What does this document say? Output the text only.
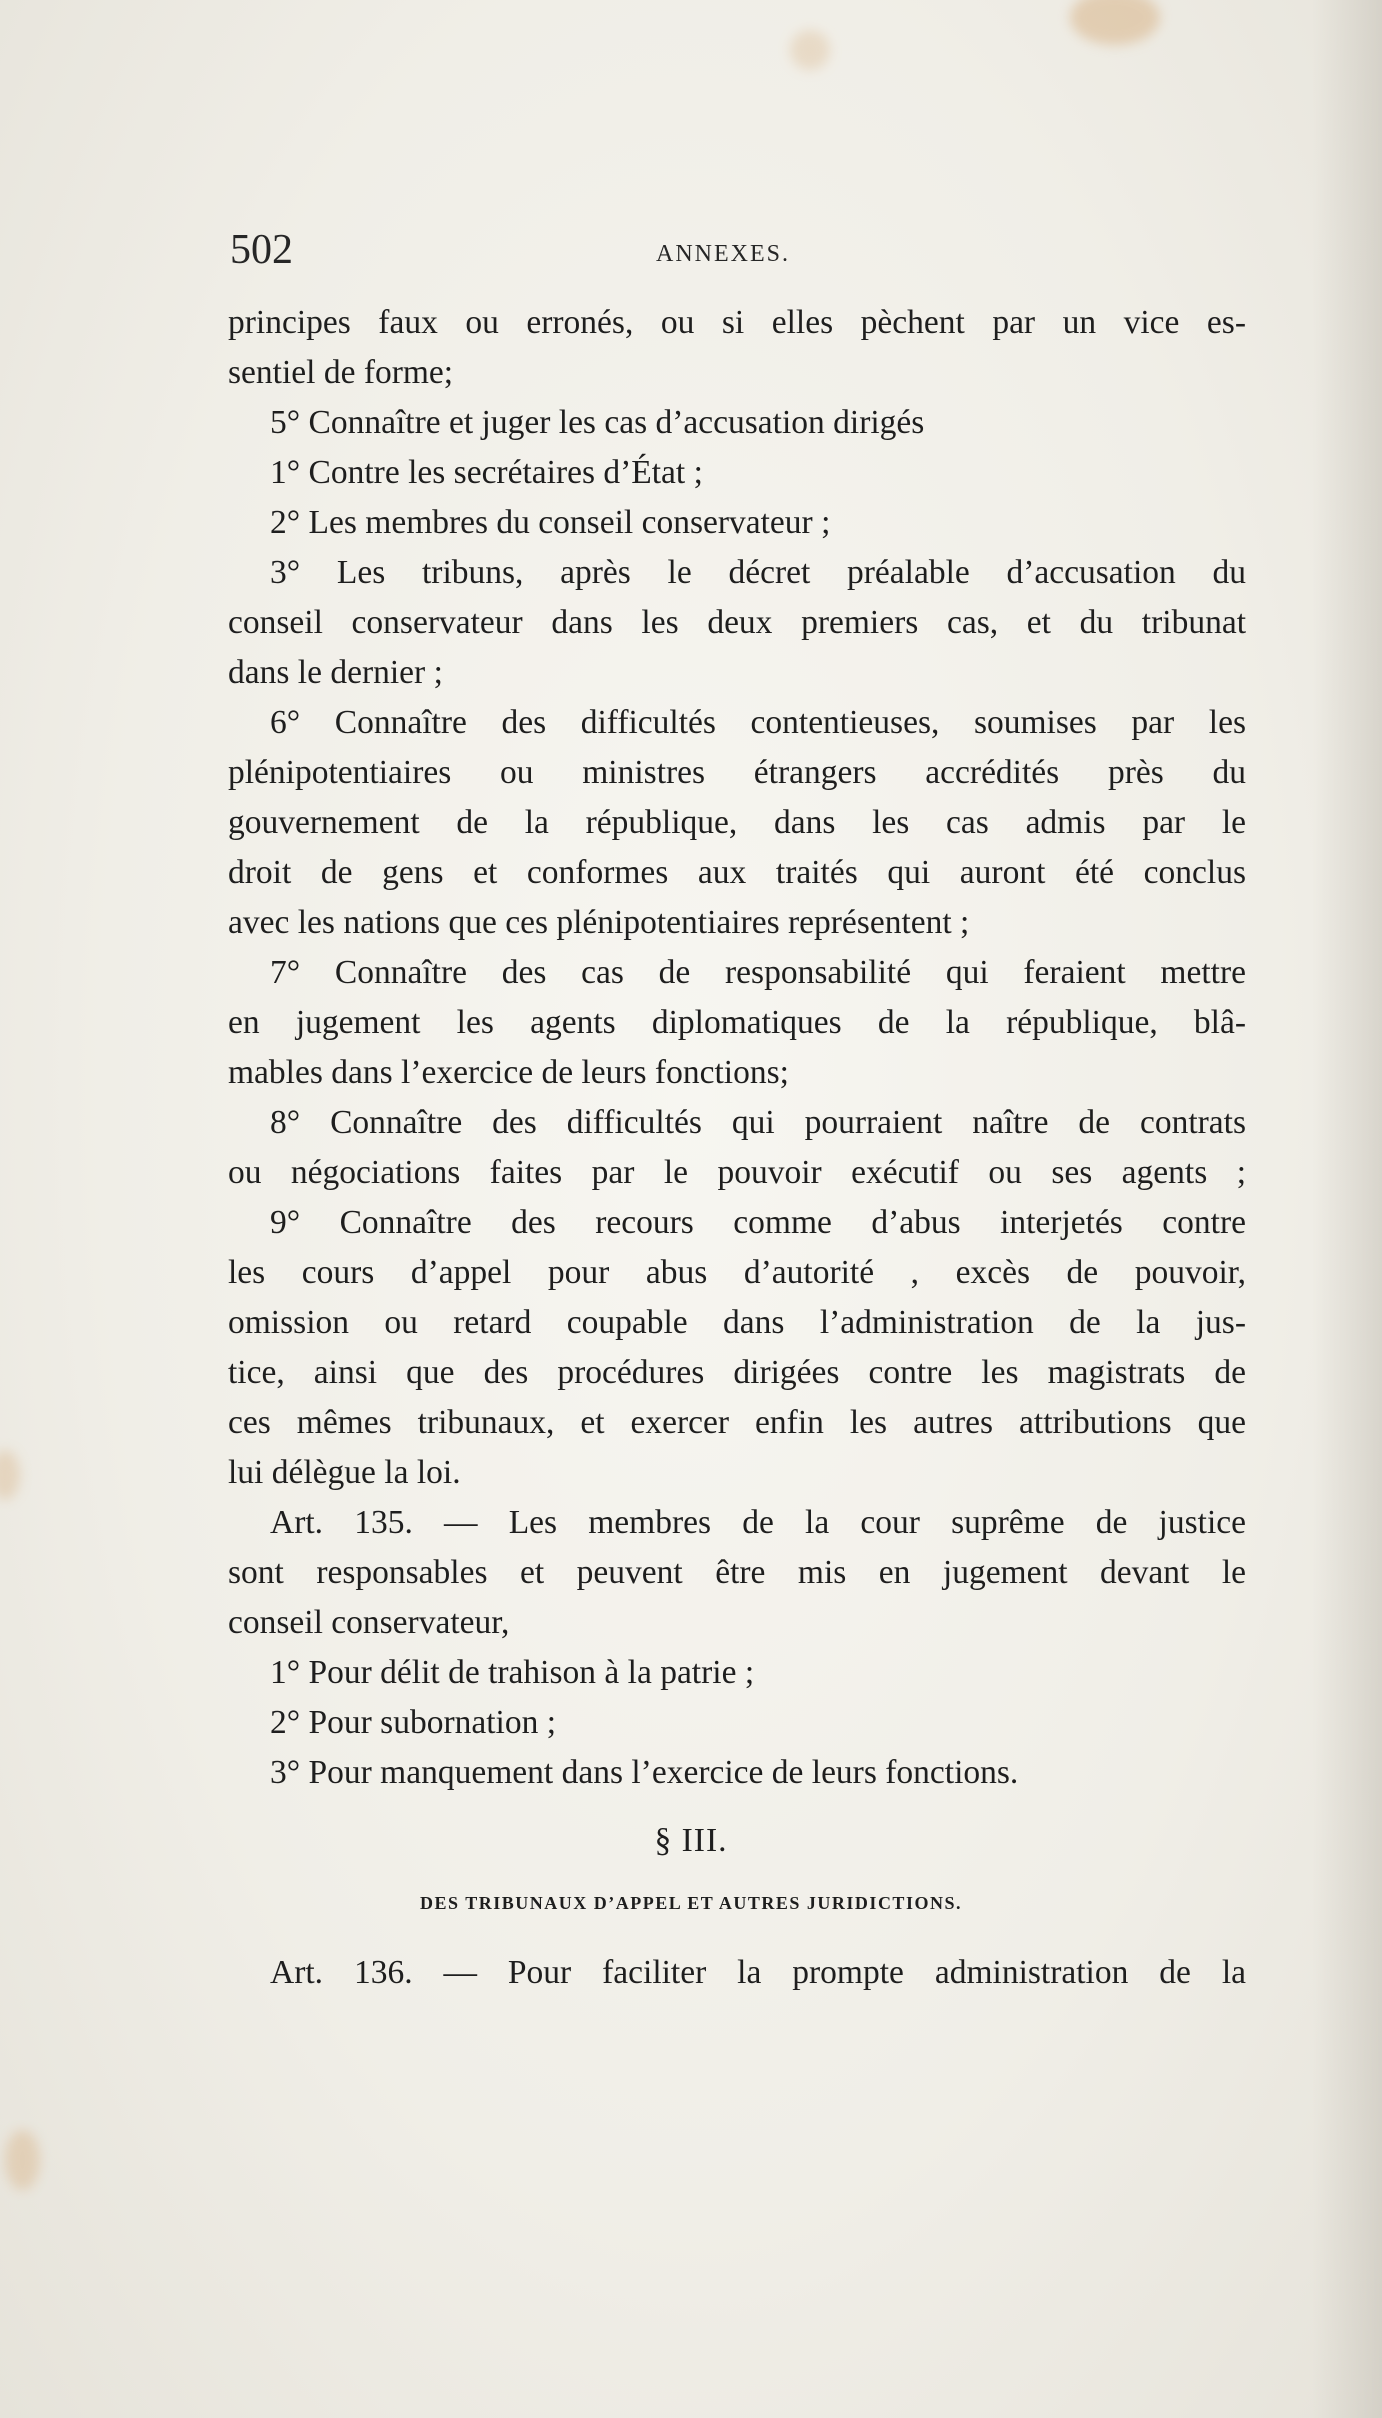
502	ANNEXES.
principes faux ou erronés, ou si elles pèchent par un vice es-
sentiel de forme;
5° Connaître et juger les cas d’accusation dirigés
1° Contre les secrétaires d’État ;
2° Les membres du conseil conservateur ;
3° Les tribuns, après le décret préalable d’accusation du
conseil conservateur dans les deux premiers cas, et du tribunat
dans le dernier ;
6° Connaître des difficultés contentieuses, soumises par les
plénipotentiaires ou ministres étrangers accrédités près du
gouvernement de la république, dans les cas admis par le
droit de gens et conformes aux traités qui auront été conclus
avec les nations que ces plénipotentiaires représentent ;
7° Connaître des cas de responsabilité qui feraient mettre
en jugement les agents diplomatiques de la république, blâ-
mables dans l’exercice de leurs fonctions;
8° Connaître des difficultés qui pourraient naître de contrats
ou négociations faites par le pouvoir exécutif ou ses agents ;
9° Connaître des recours comme d’abus interjetés contre
les cours d’appel pour abus d’autorité , excès de pouvoir,
omission ou retard coupable dans l’administration de la jus-
tice, ainsi que des procédures dirigées contre les magistrats de
ces mêmes tribunaux, et exercer enfin les autres attributions que
lui délègue la loi.
Art. 135. — Les membres de la cour suprême de justice
sont responsables et peuvent être mis en jugement devant le
conseil conservateur,
1° Pour délit de trahison à la patrie ;
2° Pour subornation ;
3° Pour manquement dans l’exercice de leurs fonctions.
§ III.
DES TRIBUNAUX D’APPEL ET AUTRES JURIDICTIONS.
Art. 136. — Pour faciliter la prompte administration de la
